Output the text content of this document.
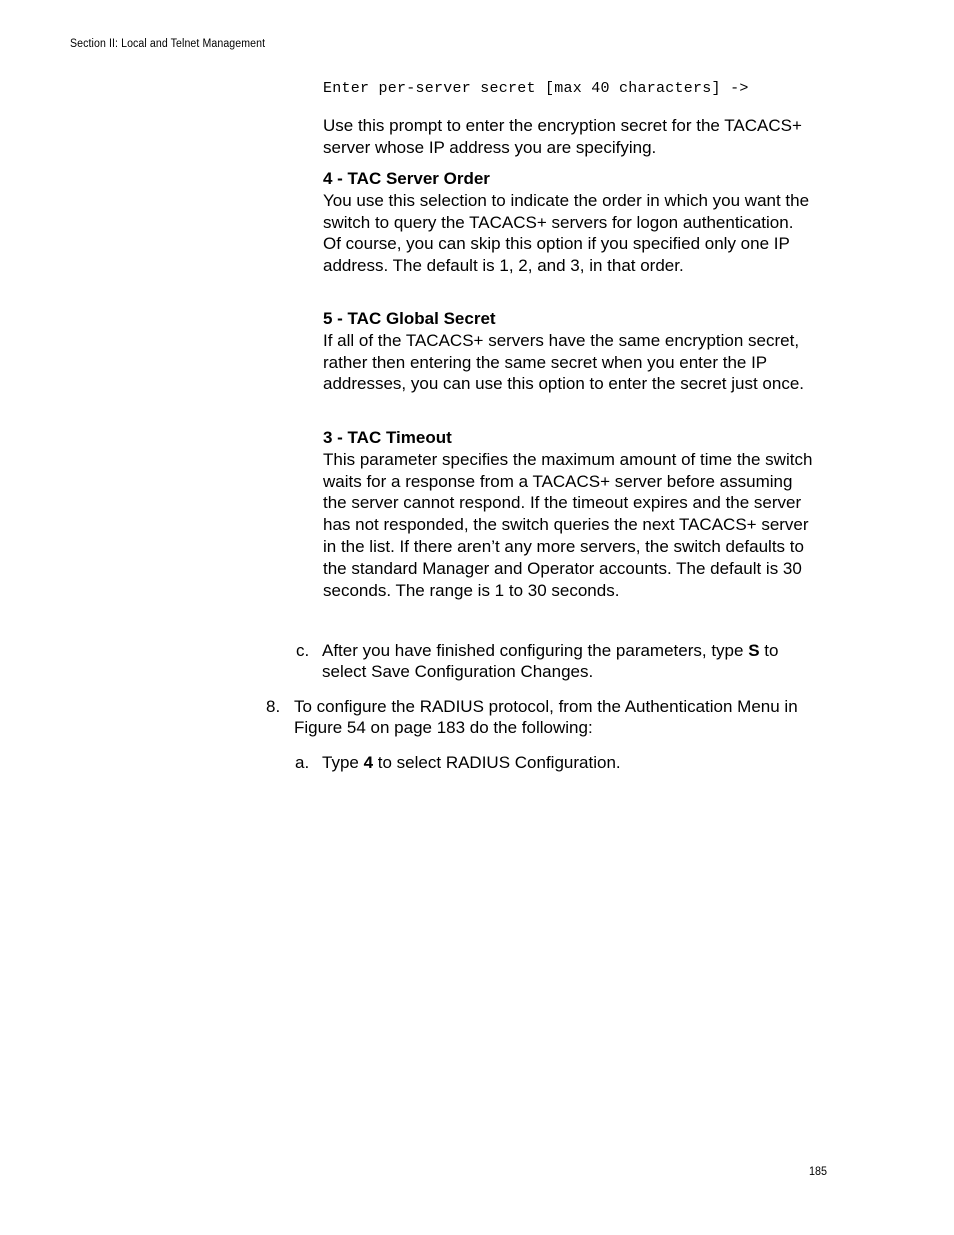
Section II: Local and Telnet Management
Enter per-server secret [max 40 characters] ->

Use this prompt to enter the encryption secret for the TACACS+ server whose IP address you are specifying.

4 - TAC Server Order

You use this selection to indicate the order in which you want the switch to query the TACACS+ servers for logon authentication. Of course, you can skip this option if you specified only one IP address. The default is 1, 2, and 3, in that order.

5 - TAC Global Secret

If all of the TACACS+ servers have the same encryption secret, rather then entering the same secret when you enter the IP addresses, you can use this option to enter the secret just once.

3 - TAC Timeout

This parameter specifies the maximum amount of time the switch waits for a response from a TACACS+ server before assuming the server cannot respond. If the timeout expires and the server has not responded, the switch queries the next TACACS+ server in the list. If there aren’t any more servers, the switch defaults to the standard Manager and Operator accounts. The default is 30 seconds. The range is 1 to 30 seconds.

c. After you have finished configuring the parameters, type S to select Save Configuration Changes.
8. To configure the RADIUS protocol, from the Authentication Menu in Figure 54 on page 183 do the following:
a. Type 4 to select RADIUS Configuration.
185
